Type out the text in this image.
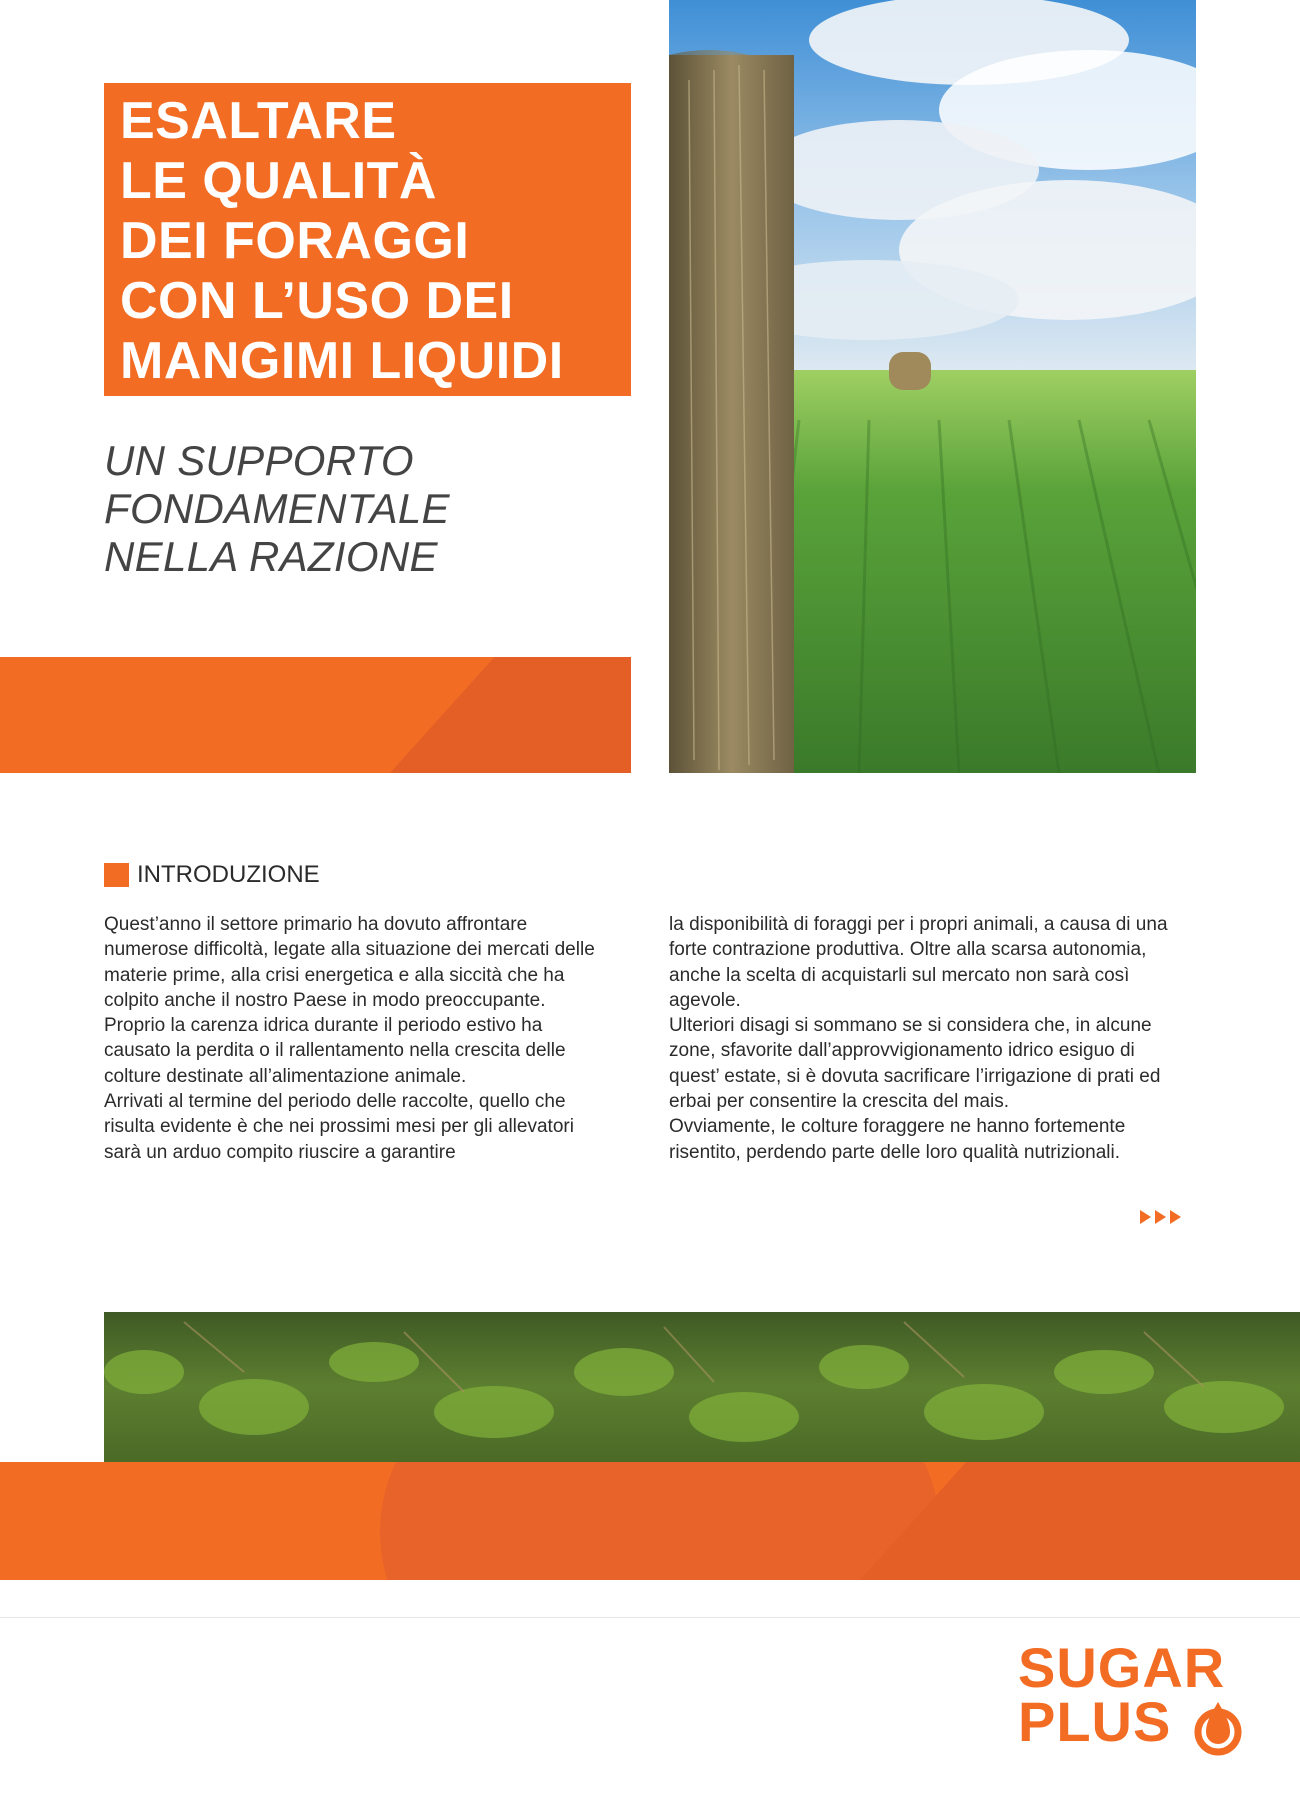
ESALTARE
LE QUALITÀ
DEI FORAGGI
CON L’USO DEI
MANGIMI LIQUIDI
UN SUPPORTO
FONDAMENTALE
NELLA RAZIONE
INTRODUZIONE

Quest’anno il settore primario ha dovuto affrontare numerose difficoltà, legate alla situazione dei mercati delle materie prime, alla crisi energetica e alla siccità che ha colpito anche il nostro Paese in modo preoccupante.

Proprio la carenza idrica durante il periodo estivo ha causato la perdita o il rallentamento nella crescita delle colture destinate all’alimentazione animale.

Arrivati al termine del periodo delle raccolte, quello che risulta evidente è che nei prossimi mesi per gli allevatori sarà un arduo compito riuscire a garantire

la disponibilità di foraggi per i propri animali, a causa di una forte contrazione produttiva. Oltre alla scarsa autonomia, anche la scelta di acquistarli sul mercato non sarà così agevole.

Ulteriori disagi si sommano se si considera che, in alcune zone, sfavorite dall’approvvigionamento idrico esiguo di quest’ estate, si è dovuta sacrificare l’irrigazione di prati ed erbai per consentire la crescita del mais.

Ovviamente, le colture foraggere ne hanno fortemente risentito, perdendo parte delle loro qualità nutrizionali.

SUGAR
PLUS
